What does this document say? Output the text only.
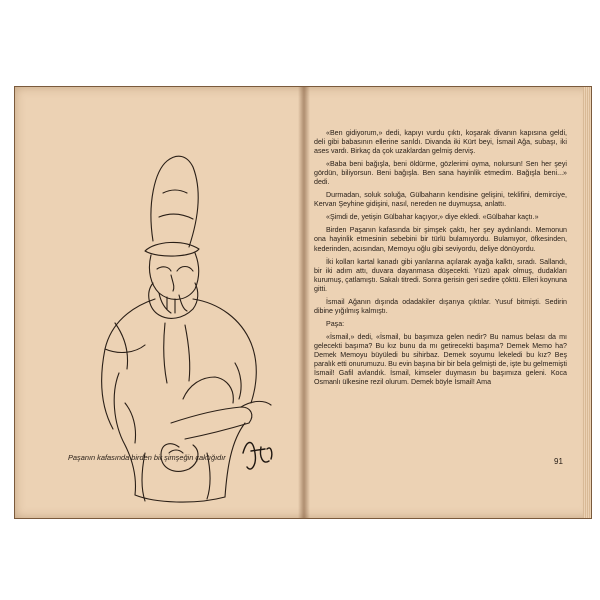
Paşanın kafasında birden bir şimşeğin çaktığıdır

«Ben gidiyorum,» dedi, kapıyı vurdu çıktı, koşarak divanın kapısına geldi, deli gibi babasının ellerine sarıldı. Divanda iki Kürt beyi, İsmail Ağa, subaşı, iki ases vardı. Birkaç da çok uzaklardan gelmiş derviş.

«Baba beni bağışla, beni öldürme, gözlerimi oyma, nolursun! Sen her şeyi gördün, biliyorsun. Beni bağışla. Ben sana hayinlik etmedim. Bağışla beni...» dedi.

Durmadan, soluk soluğa, Gülbaharın kendisine gelişini, teklifini, demirciye, Kervan Şeyhine gidişini, nasıl, nereden ne duymuşsa, anlattı.

«Şimdi de, yetişin Gülbahar kaçıyor,» diye ekledi. «Gülbahar kaçtı.»

Birden Paşanın kafasında bir şimşek çaktı, her şey aydınlandı. Memonun ona hayinlik etmesinin sebebini bir türlü bulamıyordu. Bulamıyor, öfkesinden, kederinden, acısından, Memoyu oğlu gibi seviyordu, deliye dönüyordu.

İki kolları kartal kanadı gibi yanlarına açılarak ayağa kalktı, sıradı. Sallandı, bir iki adım attı, duvara dayanmasa düşecekti. Yüzü apak olmuş, dudakları kurumuş, çatlamıştı. Sakalı titredi. Sonra gerisin geri sedire çöktü. Elleri koynuna gitti.

İsmail Ağanın dışında odadakiler dışarıya çıktılar. Yusuf bitmişti. Sedirin dibine yığılmış kalmıştı.

Paşa:

«İsmail,» dedi, «İsmail, bu başımıza gelen nedir? Bu namus belası da mı gelecekti başıma? Bu kız bunu da mı getirecekti başıma? Demek Memo ha? Demek Memoyu büyüledi bu sihirbaz. Demek soyumu lekeledi bu kız? Beş paralık etti onurumuzu. Bu evin başına bir bir bela gelmişti de, işte bu gelmemişti İsmail! Gafil avlandık. İsmail, kimseler duymasın bu başımıza geleni. Koca Osmanlı ülkesine rezil olurum. Demek böyle İsmail! Ama

91
